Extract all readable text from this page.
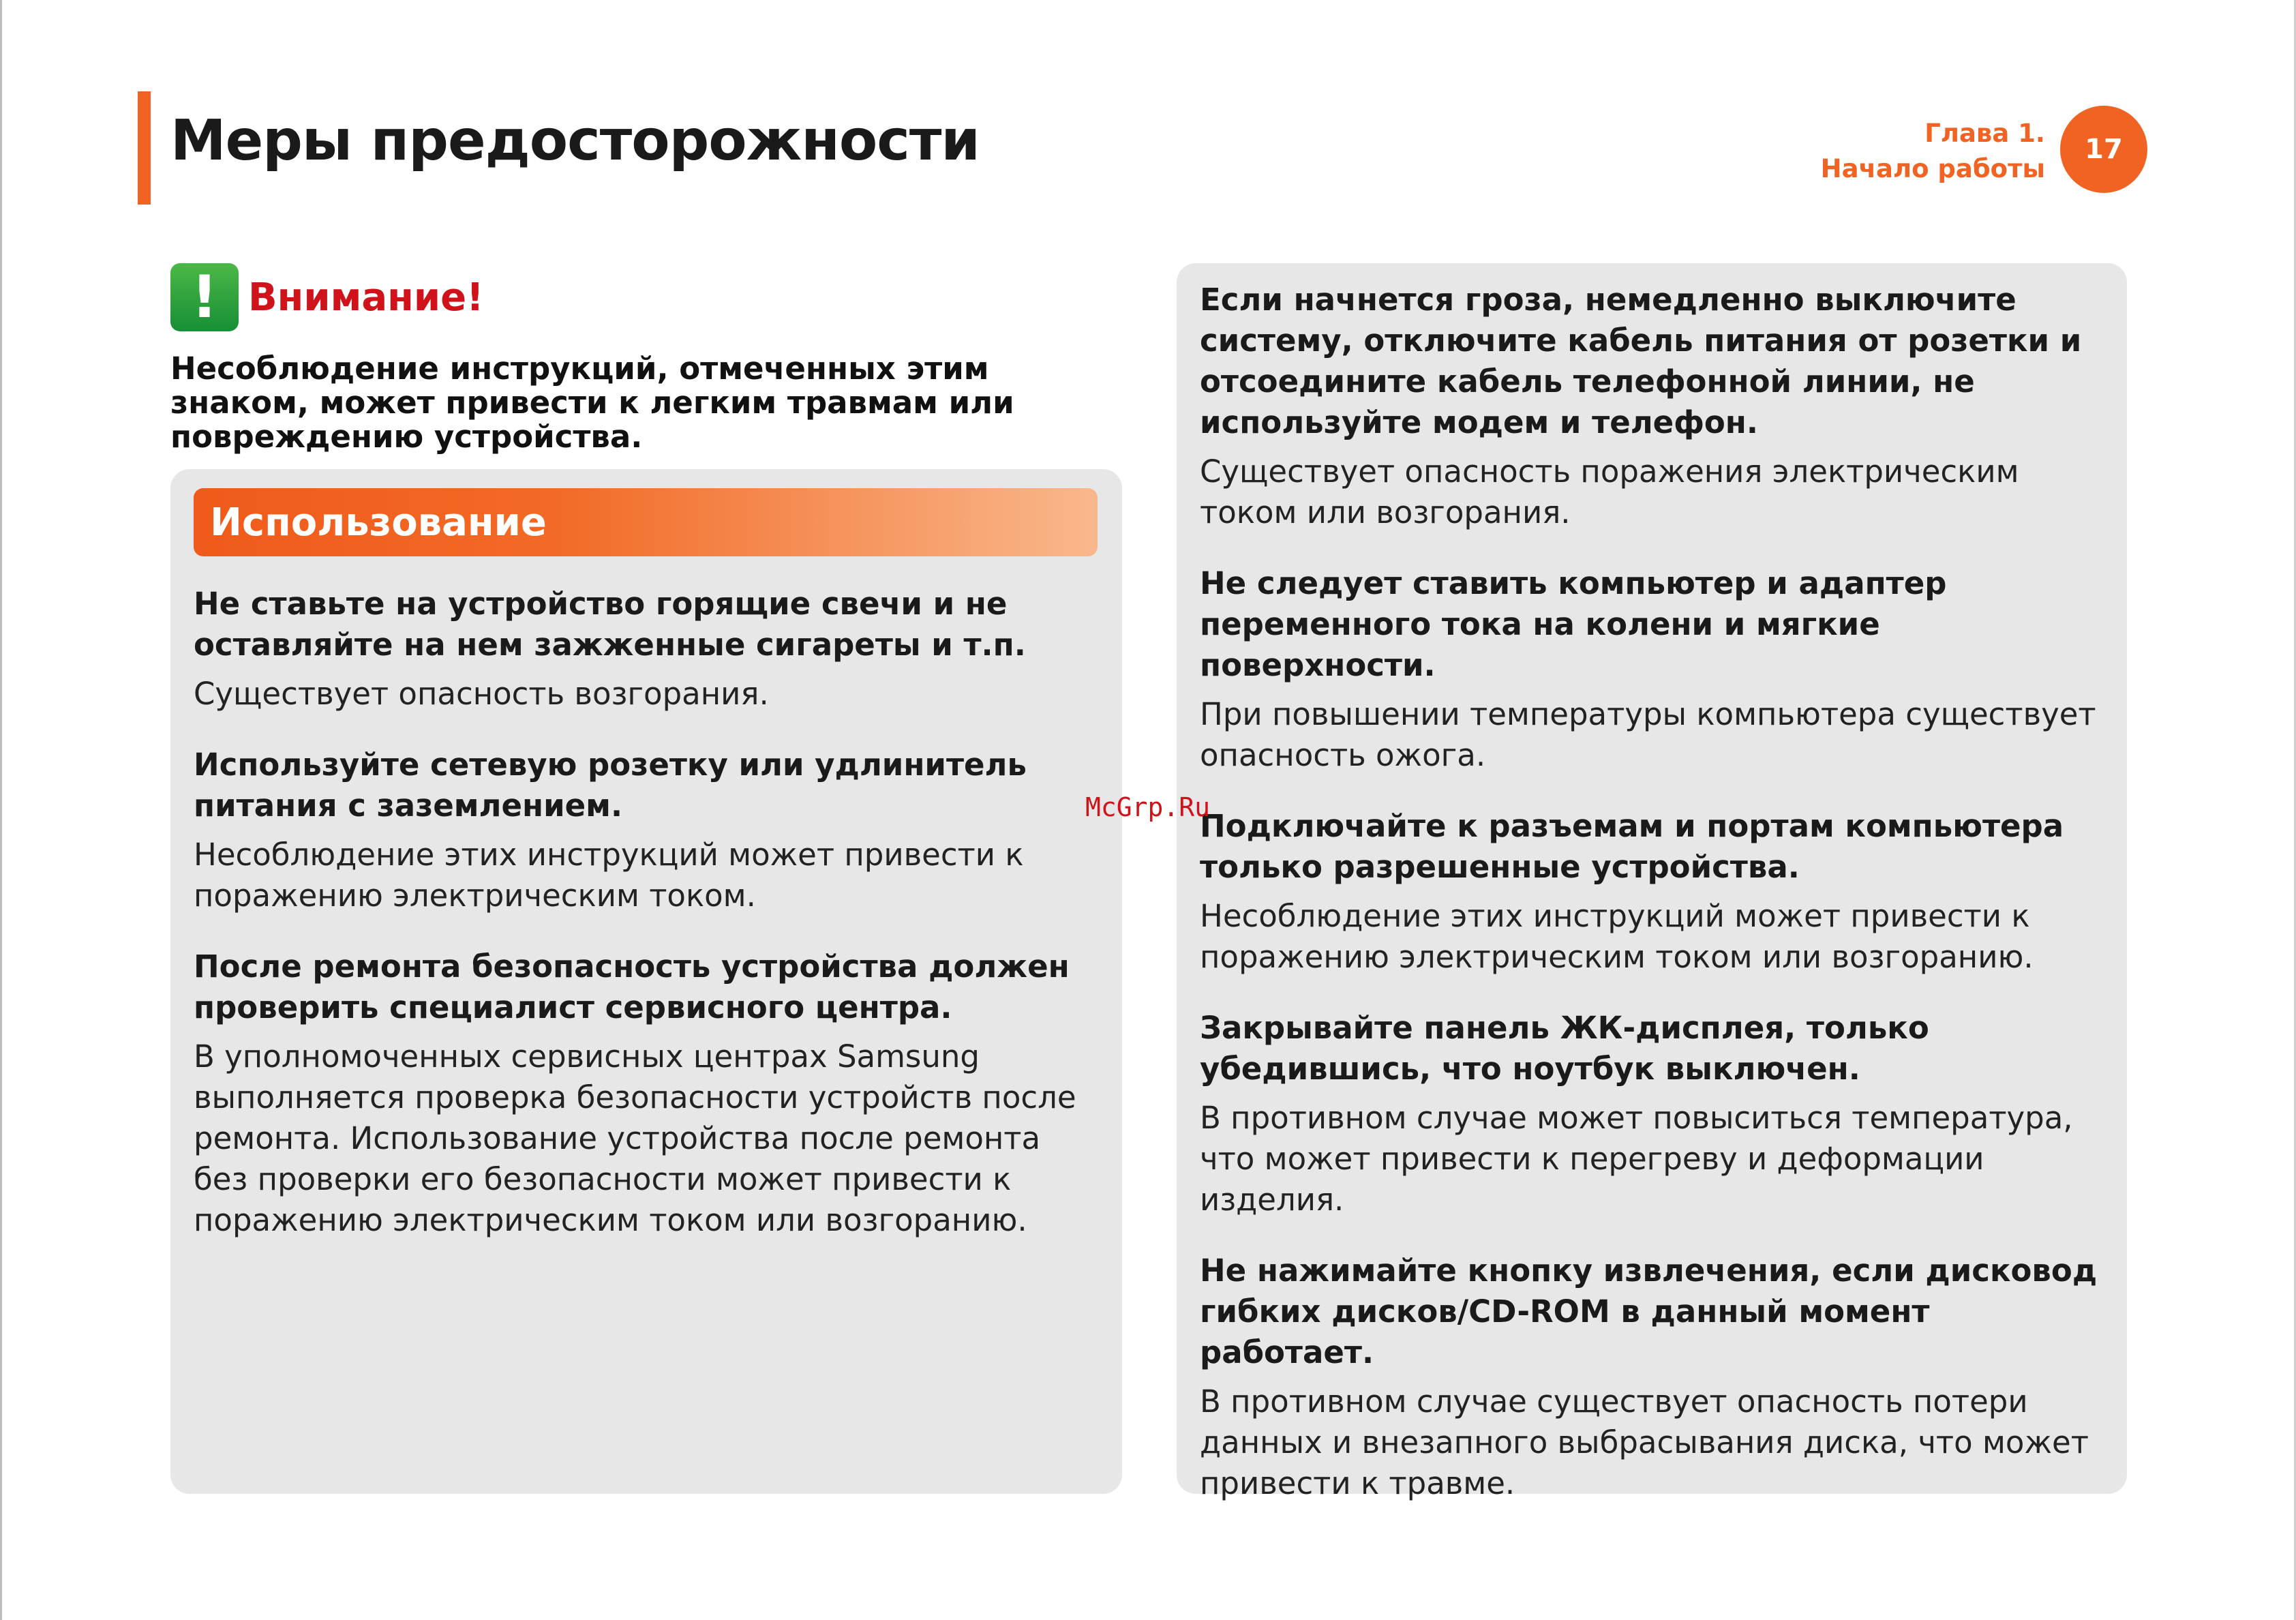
Меры предосторожности	Глава 1.
Начало работы
17
! Внимание!

Несоблюдение инструкций, отмеченных этим знаком, может привести к легким травмам или повреждению устройства.

Использование

Не ставьте на устройство горящие свечи и не оставляйте на нем зажженные сигареты и т.п.

Существует опасность возгорания.

Используйте сетевую розетку или удлинитель питания с заземлением.

Несоблюдение этих инструкций может привести к поражению электрическим током.

После ремонта безопасность устройства должен проверить специалист сервисного центра.

В уполномоченных сервисных центрах Samsung выполняется проверка безопасности устройств после ремонта. Использование устройства после ремонта без проверки его безопасности может привести к поражению электрическим током или возгоранию.

Если начнется гроза, немедленно выключите систему, отключите кабель питания от розетки и отсоедините кабель телефонной линии, не используйте модем и телефон.

Существует опасность поражения электрическим током или возгорания.

Не следует ставить компьютер и адаптер переменного тока на колени и мягкие поверхности.

При повышении температуры компьютера существует опасность ожога.

Подключайте к разъемам и портам компьютера только разрешенные устройства.

Несоблюдение этих инструкций может привести к поражению электрическим током или возгоранию.

Закрывайте панель ЖК-дисплея, только убедившись, что ноутбук выключен.

В противном случае может повыситься температура, что может привести к перегреву и деформации изделия.

Не нажимайте кнопку извлечения, если дисковод гибких дисков/CD-ROM в данный момент работает.

В противном случае существует опасность потери данных и внезапного выбрасывания диска, что может привести к травме.

McGrp.Ru
